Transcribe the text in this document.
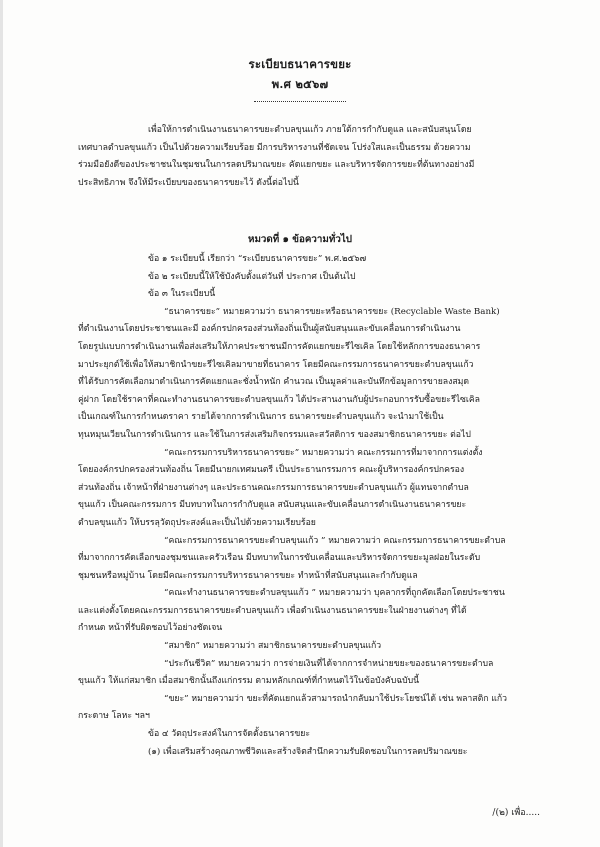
ระเบียบธนาคารขยะ
พ.ศ ๒๕๖๗

เพื่อให้การดำเนินงานธนาคารขยะตำบลขุนแก้ว ภายใต้การกำกับดูแล และสนับสนุนโดย

เทศบาลตำบลขุนแก้ว เป็นไปด้วยความเรียบร้อย มีการบริหารงานที่ชัดเจน โปร่งใสและเป็นธรรม ด้วยความ

ร่วมมือยังดีของประชาชนในชุมชนในการลดปริมาณขยะ คัดแยกขยะ และบริหารจัดการขยะที่ต้นทางอย่างมี

ประสิทธิภาพ จึงให้มีระเบียบของธนาคารขยะไว้ ดังนี้ต่อไปนี้

หมวดที่ ๑ ข้อความทั่วไป

ข้อ ๑ ระเบียบนี้ เรียกว่า “ระเบียบธนาคารขยะ” พ.ศ.๒๕๖๗

ข้อ ๒ ระเบียบนี้ให้ใช้บังคับตั้งแต่วันที่ ประกาศ เป็นต้นไป

ข้อ ๓ ในระเบียบนี้

“ธนาคารขยะ” หมายความว่า ธนาคารขยะหรือธนาคารขยะ (Recyclable Waste Bank)

ที่ดำเนินงานโดยประชาชนและมี องค์กรปกครองส่วนท้องถิ่นเป็นผู้สนับสนุนและขับเคลื่อนการดำเนินงาน

โดยรูปแบบการดำเนินงานเพื่อส่งเสริมให้ภาคประชาชนมีการคัดแยกขยะรีไซเคิล โดยใช้หลักการของธนาคาร

มาประยุกต์ใช้เพื่อให้สมาชิกนำขยะรีไซเคิลมาขายที่ธนาคาร โดยมีคณะกรรมการธนาคารขยะตำบลขุนแก้ว

ที่ได้รับการคัดเลือกมาดำเนินการคัดแยกและชั่งน้ำหนัก คำนวณ เป็นมูลค่าและบันทึกข้อมูลการขายลงสมุด

คู่ฝาก โดยใช้ราคาที่คณะทำงานธนาคารขยะตำบลขุนแก้ว ได้ประสานงานกับผู้ประกอบการรับซื้อขยะรีไซเคิล

เป็นเกณฑ์ในการกำหนดราคา รายได้จากการดำเนินการ ธนาคารขยะตำบลขุนแก้ว จะนำมาใช้เป็น

ทุนหมุนเวียนในการดำเนินการ และใช้ในการส่งเสริมกิจกรรมและสวัสดิการ ของสมาชิกธนาคารขยะ ต่อไป

“คณะกรรมการบริหารธนาคารขยะ” หมายความว่า คณะกรรมการที่มาจากการแต่งตั้ง

โดยองค์กรปกครองส่วนท้องถิ่น โดยมีนายกเทศมนตรี เป็นประธานกรรมการ คณะผู้บริหารองค์กรปกครอง

ส่วนท้องถิ่น เจ้าหน้าที่ฝ่ายงานต่างๆ และประธานคณะกรรมการธนาคารขยะตำบลขุนแก้ว ผู้แทนจากตำบล

ขุนแก้ว เป็นคณะกรรมการ มีบทบาทในการกำกับดูแล สนับสนุนและขับเคลื่อนการดำเนินงานธนาคารขยะ

ตำบลขุนแก้ว ให้บรรลุวัตถุประสงค์และเป็นไปด้วยความเรียบร้อย

“คณะกรรมการธนาคารขยะตำบลขุนแก้ว ” หมายความว่า คณะกรรมการธนาคารขยะตำบล

ที่มาจากการคัดเลือกของชุมชนและครัวเรือน มีบทบาทในการขับเคลื่อนและบริหารจัดการขยะมูลฝอยในระดับ

ชุมชนหรือหมู่บ้าน โดยมีคณะกรรมการบริหารธนาคารขยะ ทำหน้าที่สนับสนุนและกำกับดูแล

“คณะทำงานธนาคารขยะตำบลขุนแก้ว ” หมายความว่า บุคลากรที่ถูกคัดเลือกโดยประชาชน

และแต่งตั้งโดยคณะกรรมการธนาคารขยะตำบลขุนแก้ว เพื่อดำเนินงานธนาคารขยะในฝ่ายงานต่างๆ ที่ได้

กำหนด หน้าที่รับผิดชอบไว้อย่างชัดเจน

“สมาชิก” หมายความว่า สมาชิกธนาคารขยะตำบลขุนแก้ว

“ประกันชีวิต” หมายความว่า การจ่ายเงินที่ได้จากการจำหน่ายขยะของธนาคารขยะตำบล

ขุนแก้ว ให้แก่สมาชิก เมื่อสมาชิกนั้นถึงแก่กรรม ตามหลักเกณฑ์ที่กำหนดไว้ในข้อบังคับฉบับนี้

“ขยะ” หมายความว่า ขยะที่คัดแยกแล้วสามารถนำกลับมาใช้ประโยชน์ได้ เช่น พลาสติก แก้ว

กระดาษ โลหะ ฯลฯ

ข้อ ๔ วัตถุประสงค์ในการจัดตั้งธนาคารขยะ

(๑) เพื่อเสริมสร้างคุณภาพชีวิตและสร้างจิตสำนึกความรับผิดชอบในการลดปริมาณขยะ

/(๒) เพื่อ.....
